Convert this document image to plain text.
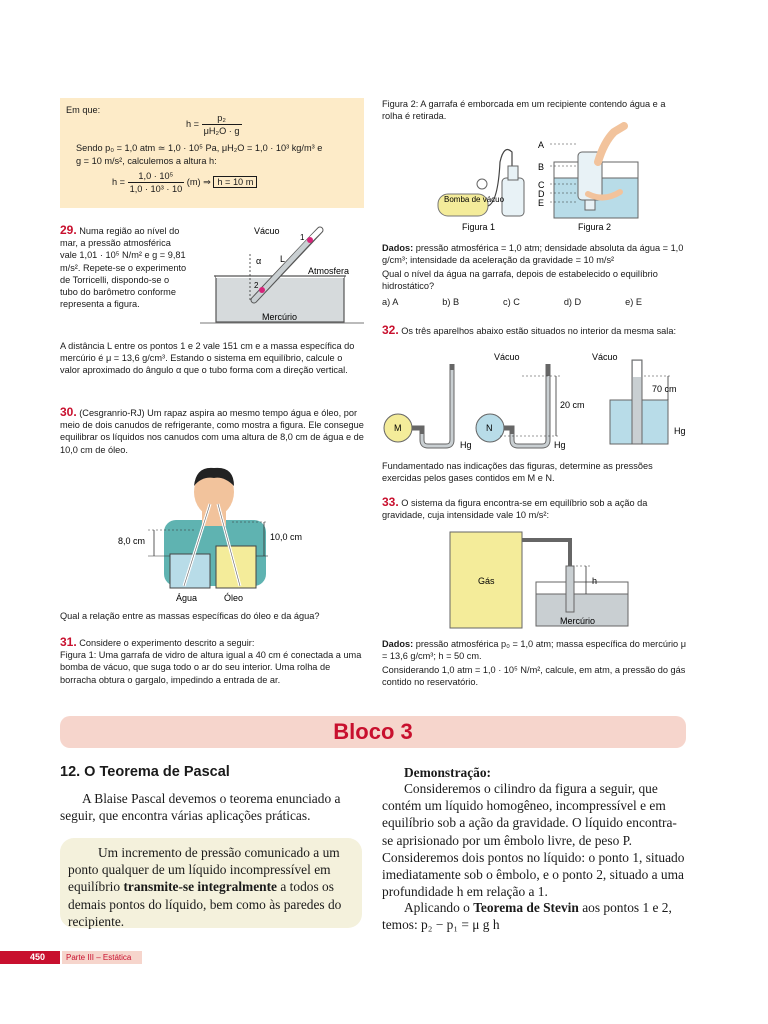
Em que:
$h = \frac{\text{p₂}}{\text{μH₂O · g}}$
Sendo p₀ = 1,0 atm ≃ 1,0 · 10⁵ Pa, μH₂O = 1,0 · 10³ kg/m³ e
g = 10 m/s², calculemos a altura h:
$h = \frac{\text{1,0 · 10⁵}}{\text{1,0 · 10³ · 10}} (m)$ ⇒ h = 10 m
29. Numa região ao nível do mar, a pressão atmosférica vale 1,01 · 10⁵ N/m² e g = 9,81 m/s². Repete-se o experimento de Torricelli, dispondo-se o tubo do barômetro conforme representa a figura.
Vácuo
Atmosfera
Mercúrio
α L
1
2
A distância L entre os pontos 1 e 2 vale 151 cm e a massa específica do mercúrio é μ = 13,6 g/cm³. Estando o sistema em equilíbrio, calcule o valor aproximado do ângulo α que o tubo forma com a direção vertical.
30. (Cesgranrio-RJ) Um rapaz aspira ao mesmo tempo água e óleo, por meio de dois canudos de refrigerante, como mostra a figura. Ele consegue equilibrar os líquidos nos canudos com uma altura de 8,0 cm de água e de 10,0 cm de óleo.
8,0 cm	10,0 cm
Água	Óleo
Qual a relação entre as massas específicas do óleo e da água?
31. Considere o experimento descrito a seguir:
Figura 1: Uma garrafa de vidro de altura igual a 40 cm é conectada a uma bomba de vácuo, que suga todo o ar do seu interior. Uma rolha de borracha obtura o gargalo, impedindo a entrada de ar.
Figura 2: A garrafa é emborcada em um recipiente contendo água e a rolha é retirada.
A
B
C
D
E
Bomba de vácuo
Figura 1	Figura 2
Dados: pressão atmosférica = 1,0 atm; densidade absoluta da água = 1,0 g/cm³; intensidade da aceleração da gravidade = 10 m/s²
Qual o nível da água na garrafa, depois de estabelecido o equilíbrio hidrostático?
a) A	b) B	c) C	d) D	e) E
32. Os três aparelhos abaixo estão situados no interior da mesma sala:
Vácuo	Vácuo
M	N
Hg	Hg
Hg
20 cm
70 cm
Fundamentado nas indicações das figuras, determine as pressões exercidas pelos gases contidos em M e N.
33. O sistema da figura encontra-se em equilíbrio sob a ação da gravidade, cuja intensidade vale 10 m/s²:
Gás	h
Mercúrio
Dados: pressão atmosférica p₀ = 1,0 atm; massa específica do mercúrio μ = 13,6 g/cm³; h = 50 cm.
Considerando 1,0 atm = 1,0 · 10⁵ N/m², calcule, em atm, a pressão do gás contido no reservatório.
Bloco 3
12. O Teorema de Pascal
A Blaise Pascal devemos o teorema enunciado a seguir, que encontra várias aplicações práticas.
Um incremento de pressão comunicado a um ponto qualquer de um líquido incompressível em equilíbrio transmite-se integralmente a todos os demais pontos do líquido, bem como às paredes do recipiente.
Demonstração:
Consideremos o cilindro da figura a seguir, que contém um líquido homogêneo, incompressível e em equilíbrio sob a ação da gravidade. O líquido encontra-se aprisionado por um êmbolo livre, de peso P. Consideremos dois pontos no líquido: o ponto 1, situado imediatamente sob o êmbolo, e o ponto 2, situado a uma profundidade h em relação a 1.
Aplicando o Teorema de Stevin aos pontos 1 e 2, temos: p₂ − p₁ = μ g h
450	Parte III – Estática
